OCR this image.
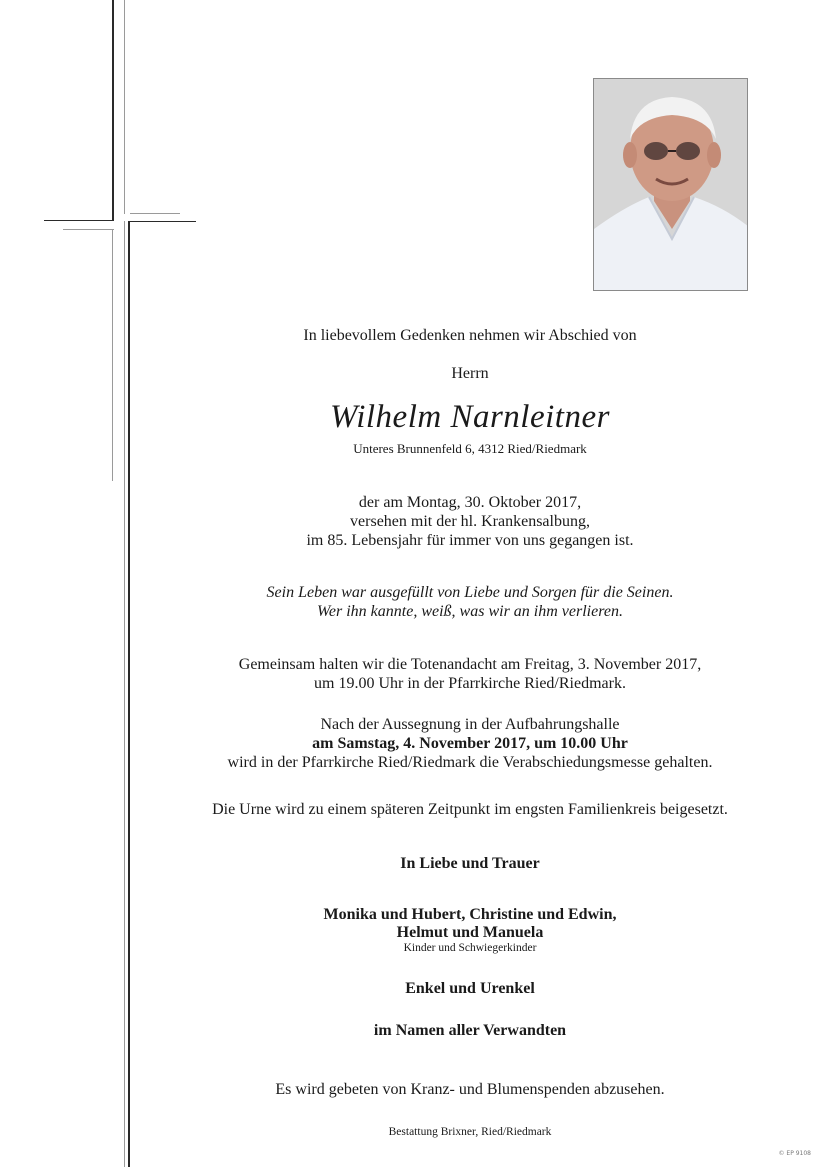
In liebevollem Gedenken nehmen wir Abschied von
Herrn
Wilhelm Narnleitner
Unteres Brunnenfeld 6, 4312 Ried/Riedmark
der am Montag, 30. Oktober 2017,
versehen mit der hl. Krankensalbung,
im 85. Lebensjahr für immer von uns gegangen ist.
Sein Leben war ausgefüllt von Liebe und Sorgen für die Seinen.
Wer ihn kannte, weiß, was wir an ihm verlieren.
Gemeinsam halten wir die Totenandacht am Freitag, 3. November 2017,
um 19.00 Uhr in der Pfarrkirche Ried/Riedmark.
Nach der Aussegnung in der Aufbahrungshalle
am Samstag, 4. November 2017, um 10.00 Uhr
wird in der Pfarrkirche Ried/Riedmark die Verabschiedungsmesse gehalten.
Die Urne wird zu einem späteren Zeitpunkt im engsten Familienkreis beigesetzt.
In Liebe und Trauer
Monika und Hubert, Christine und Edwin,
Helmut und Manuela
Kinder und Schwiegerkinder
Enkel und Urenkel
im Namen aller Verwandten
Es wird gebeten von Kranz- und Blumenspenden abzusehen.
Bestattung Brixner, Ried/Riedmark
© EP 9108
